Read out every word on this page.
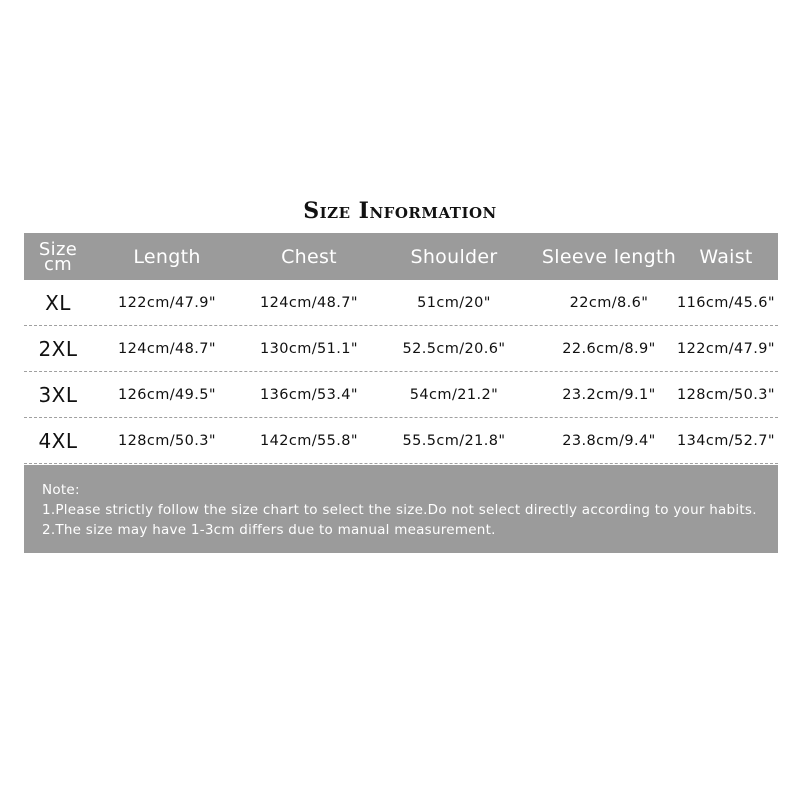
Size Information
Size
cm	Length	Chest	Shoulder	Sleeve length	Waist
XL	122cm/47.9"	124cm/48.7"	51cm/20"	22cm/8.6"	116cm/45.6"
2XL	124cm/48.7"	130cm/51.1"	52.5cm/20.6"	22.6cm/8.9"	122cm/47.9"
3XL	126cm/49.5"	136cm/53.4"	54cm/21.2"	23.2cm/9.1"	128cm/50.3"
4XL	128cm/50.3"	142cm/55.8"	55.5cm/21.8"	23.8cm/9.4"	134cm/52.7"
Note:
1.Please strictly follow the size chart to select the size.Do not select directly according to your habits.
2.The size may have 1-3cm differs due to manual measurement.
